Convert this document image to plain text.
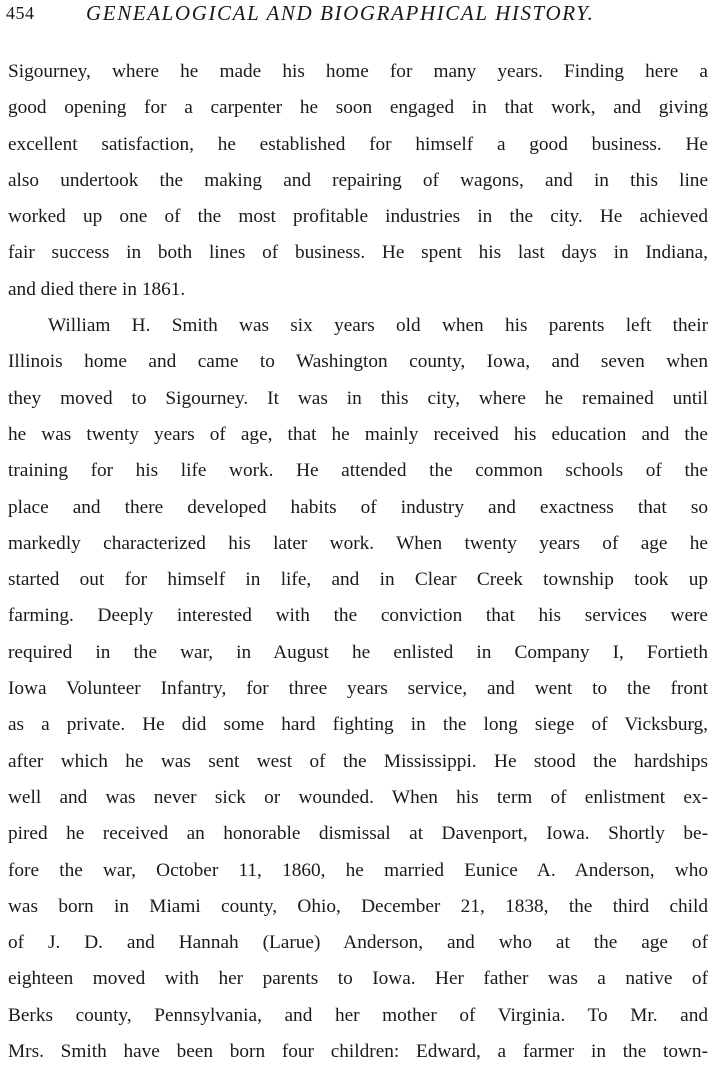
454 GENEALOGICAL AND BIOGRAPHICAL HISTORY.
Sigourney, where he made his home for many years. Finding here a
good opening for a carpenter he soon engaged in that work, and giving
excellent satisfaction, he established for himself a good business. He
also undertook the making and repairing of wagons, and in this line
worked up one of the most profitable industries in the city. He achieved
fair success in both lines of business. He spent his last days in Indiana,
and died there in 1861.
William H. Smith was six years old when his parents left their
Illinois home and came to Washington county, Iowa, and seven when
they moved to Sigourney. It was in this city, where he remained until
he was twenty years of age, that he mainly received his education and the
training for his life work. He attended the common schools of the
place and there developed habits of industry and exactness that so
markedly characterized his later work. When twenty years of age he
started out for himself in life, and in Clear Creek township took up
farming. Deeply interested with the conviction that his services were
required in the war, in August he enlisted in Company I, Fortieth
Iowa Volunteer Infantry, for three years service, and went to the front
as a private. He did some hard fighting in the long siege of Vicksburg,
after which he was sent west of the Mississippi. He stood the hardships
well and was never sick or wounded. When his term of enlistment ex-
pired he received an honorable dismissal at Davenport, Iowa. Shortly be-
fore the war, October 11, 1860, he married Eunice A. Anderson, who
was born in Miami county, Ohio, December 21, 1838, the third child
of J. D. and Hannah (Larue) Anderson, and who at the age of
eighteen moved with her parents to Iowa. Her father was a native of
Berks county, Pennsylvania, and her mother of Virginia. To Mr. and
Mrs. Smith have been born four children: Edward, a farmer in the town-
